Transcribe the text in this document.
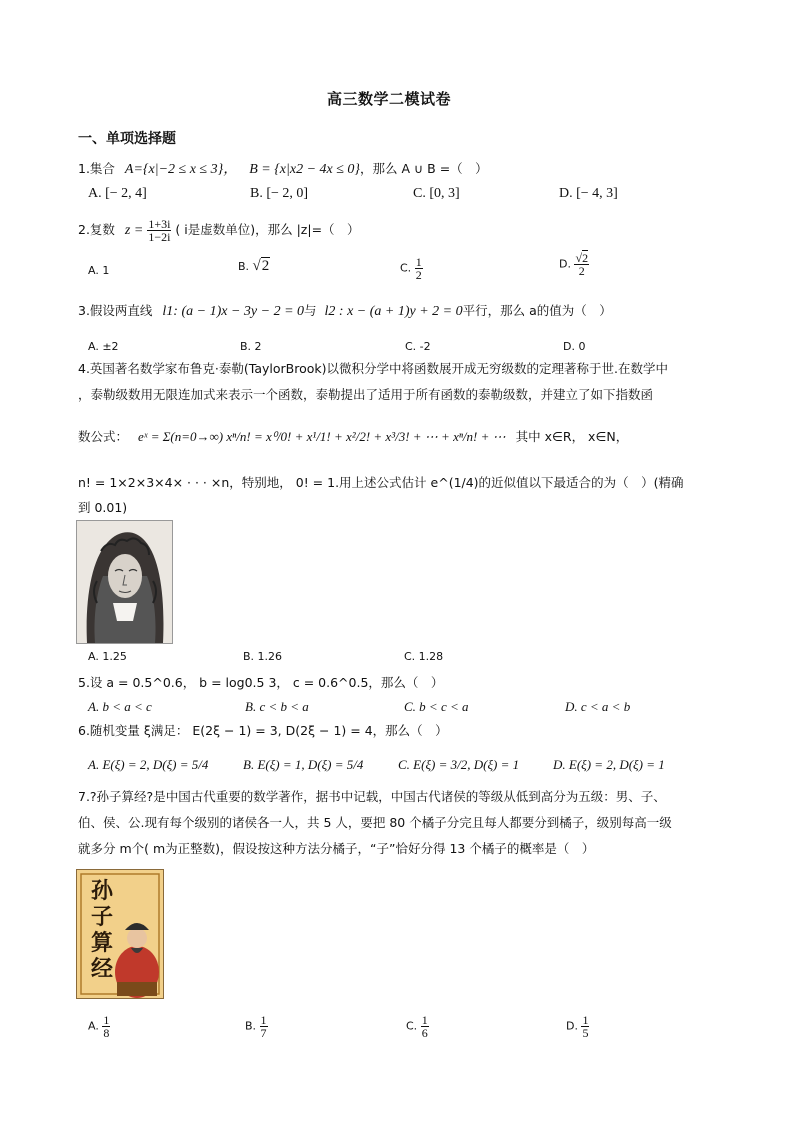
高三数学二模试卷
一、单项选择题
1.集合 A={x|−2 ≤ x ≤ 3}， B = {x|x2 − 4x ≤ 0}，那么 A ∪ B =（　）
A. [− 2, 4]	B. [− 2, 0]	C. [0, 3]	D. [− 4, 3]
2.复数 $z = \frac{1+3i}{1-2i}$ ( i是虚数单位)，那么 |z|=（　）
A. 1	B. √2	C. $\frac{1}{2}$	D. $\frac{√2}{2}$
3.假设两直线 l1: (a − 1)x − 3y − 2 = 0与 l2 : x − (a + 1)y + 2 = 0平行，那么 a的值为（　）
A. ±2	B. 2	C. -2	D. 0
4.英国著名数学家布鲁克·泰勒(TaylorBrook)以微积分学中将函数展开成无穷级数的定理著称于世.在数学中
，泰勒级数用无限连加式来表示一个函数，泰勒提出了适用于所有函数的泰勒级数，并建立了如下指数函
数公式： eˣ = Σ(n=0→∞) xⁿ/n! = x⁰/0! + x¹/1! + x²/2! + x³/3! + ⋯ + xⁿ/n! + ⋯ 其中 x∈R， x∈N，
n! = 1×2×3×4× · · · ×n，特别地， 0! = 1.用上述公式估计 e^(1/4)的近似值以下最适合的为（　）(精确
到 0.01)
A. 1.25	B. 1.26	C. 1.28
5.设 a = 0.5^0.6， b = log0.5 3， c = 0.6^0.5，那么（　）
A. b < a < c	B. c < b < a	C. b < c < a	D. c < a < b
6.随机变量 ξ满足： E(2ξ − 1) = 3, D(2ξ − 1) = 4，那么（　）
A. E(ξ) = 2, D(ξ) = 5/4	B. E(ξ) = 1, D(ξ) = 5/4	C. E(ξ) = 3/2, D(ξ) = 1	D. E(ξ) = 2, D(ξ) = 1
7.?孙子算经?是中国古代重要的数学著作，据书中记载，中国古代诸侯的等级从低到高分为五级：男、子、
伯、侯、公.现有每个级别的诸侯各一人，共 5 人，要把 80 个橘子分完且每人都要分到橘子，级别每高一级
就多分 m个( m为正整数)，假设按这种方法分橘子，“子”恰好分得 13 个橘子的概率是（　）
孙子算经
A. $\frac{1}{8}$	B. $\frac{1}{7}$	C. $\frac{1}{6}$	D. $\frac{1}{5}$
